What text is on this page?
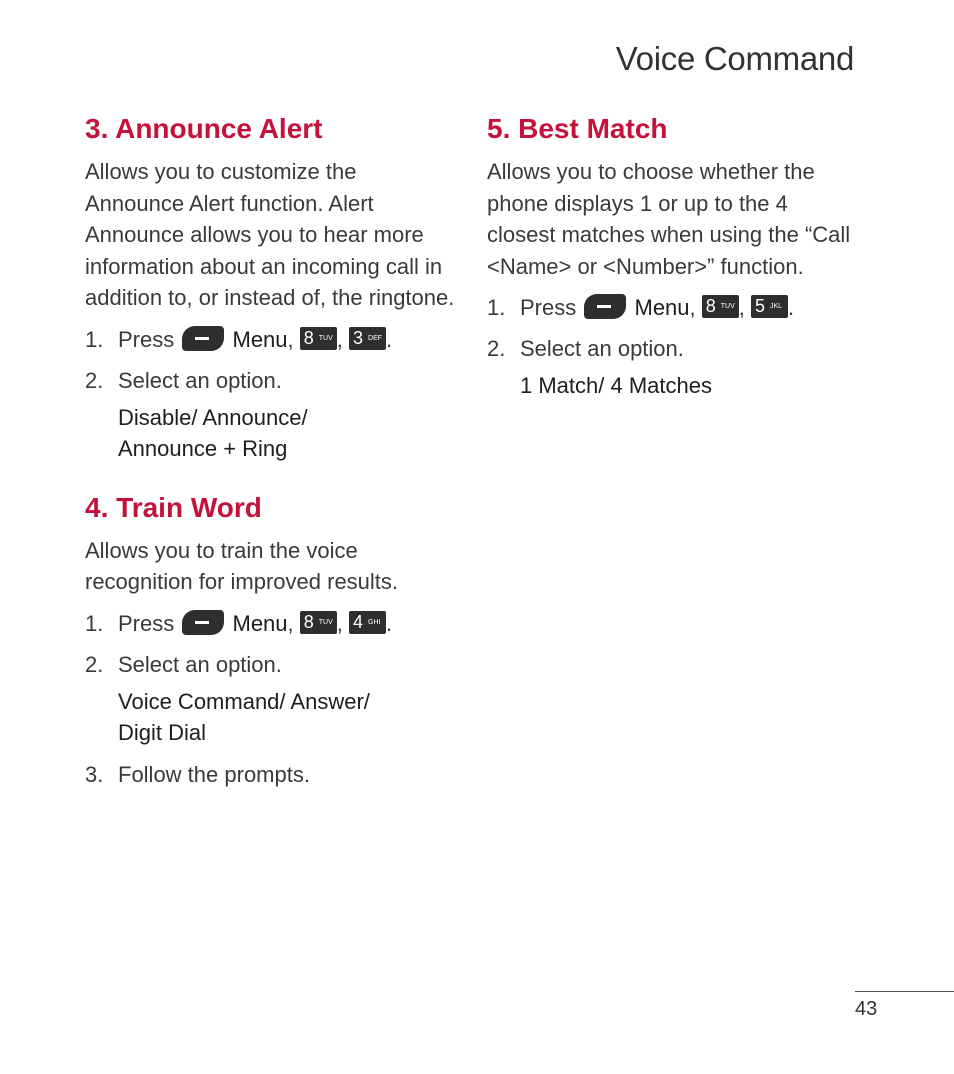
Voice Command
3. Announce Alert

Allows you to customize the Announce Alert function. Alert Announce allows you to hear more information about an incoming call in addition to, or instead of, the ringtone.

1. Press	Menu, 8 TUV , 3 DEF .
2. Select an option.
Disable/ Announce/
Announce + Ring
4. Train Word

Allows you to train the voice recognition for improved results.

1. Press	Menu, 8 TUV , 4 GHI .
2. Select an option.
Voice Command/ Answer/
Digit Dial
3. Follow the prompts.
5. Best Match

Allows you to choose whether the phone displays 1 or up to the 4 closest matches when using the “Call <Name> or <Number>” function.

1. Press	Menu, 8 TUV , 5 JKL .
2. Select an option.
1 Match/ 4 Matches
43
